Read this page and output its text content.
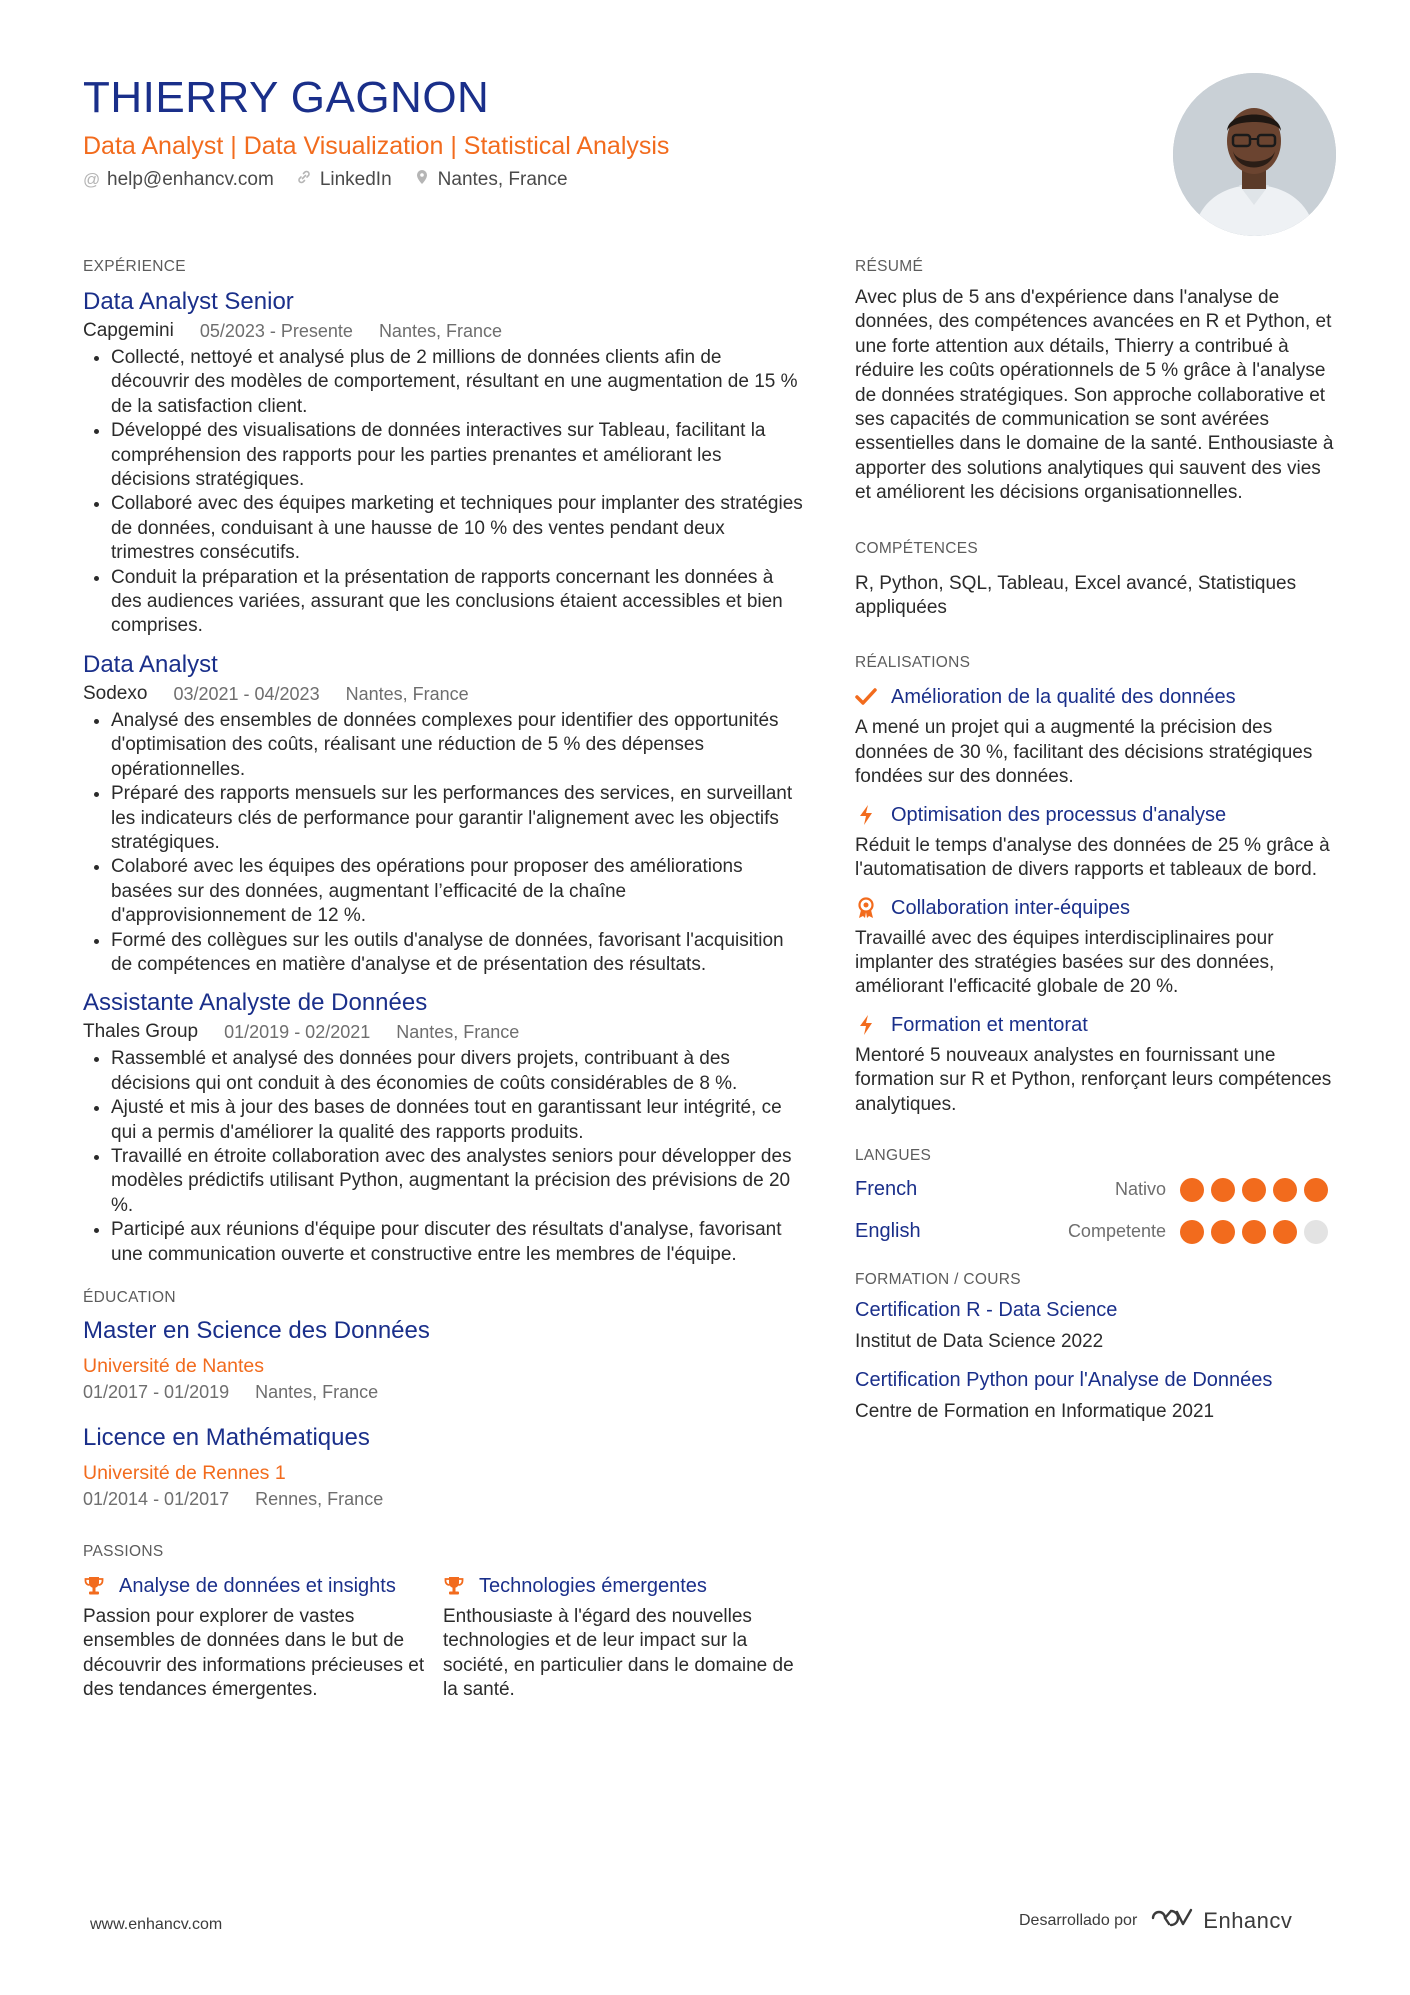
THIERRY GAGNON
Data Analyst | Data Visualization | Statistical Analysis
@ help@enhancv.com LinkedIn Nantes, France
EXPÉRIENCE
Data Analyst Senior
Capgemini 05/2023 - Presente Nantes, France
• Collecté, nettoyé et analysé plus de 2 millions de données clients afin de découvrir des modèles de comportement, résultant en une augmentation de 15 % de la satisfaction client.
• Développé des visualisations de données interactives sur Tableau, facilitant la compréhension des rapports pour les parties prenantes et améliorant les décisions stratégiques.
• Collaboré avec des équipes marketing et techniques pour implanter des stratégies de données, conduisant à une hausse de 10 % des ventes pendant deux trimestres consécutifs.
• Conduit la préparation et la présentation de rapports concernant les données à des audiences variées, assurant que les conclusions étaient accessibles et bien comprises.
Data Analyst
Sodexo 03/2021 - 04/2023 Nantes, France
• Analysé des ensembles de données complexes pour identifier des opportunités d'optimisation des coûts, réalisant une réduction de 5 % des dépenses opérationnelles.
• Préparé des rapports mensuels sur les performances des services, en surveillant les indicateurs clés de performance pour garantir l'alignement avec les objectifs stratégiques.
• Colaboré avec les équipes des opérations pour proposer des améliorations basées sur des données, augmentant l’efficacité de la chaîne d'approvisionnement de 12 %.
• Formé des collègues sur les outils d'analyse de données, favorisant l'acquisition de compétences en matière d'analyse et de présentation des résultats.
Assistante Analyste de Données
Thales Group 01/2019 - 02/2021 Nantes, France
• Rassemblé et analysé des données pour divers projets, contribuant à des décisions qui ont conduit à des économies de coûts considérables de 8 %.
• Ajusté et mis à jour des bases de données tout en garantissant leur intégrité, ce qui a permis d'améliorer la qualité des rapports produits.
• Travaillé en étroite collaboration avec des analystes seniors pour développer des modèles prédictifs utilisant Python, augmentant la précision des prévisions de 20 %.
• Participé aux réunions d'équipe pour discuter des résultats d'analyse, favorisant une communication ouverte et constructive entre les membres de l'équipe.
ÉDUCATION
Master en Science des Données
Université de Nantes
01/2017 - 01/2019 Nantes, France
Licence en Mathématiques
Université de Rennes 1
01/2014 - 01/2017 Rennes, France
PASSIONS
Analyse de données et insights
Passion pour explorer de vastes ensembles de données dans le but de découvrir des informations précieuses et des tendances émergentes.
Technologies émergentes
Enthousiaste à l'égard des nouvelles technologies et de leur impact sur la société, en particulier dans le domaine de la santé.
RÉSUMÉ
Avec plus de 5 ans d'expérience dans l'analyse de données, des compétences avancées en R et Python, et une forte attention aux détails, Thierry a contribué à réduire les coûts opérationnels de 5 % grâce à l'analyse de données stratégiques. Son approche collaborative et ses capacités de communication se sont avérées essentielles dans le domaine de la santé. Enthousiaste à apporter des solutions analytiques qui sauvent des vies et améliorent les décisions organisationnelles.
COMPÉTENCES
R, Python, SQL, Tableau, Excel avancé, Statistiques appliquées
RÉALISATIONS
Amélioration de la qualité des données
A mené un projet qui a augmenté la précision des données de 30 %, facilitant des décisions stratégiques fondées sur des données.
Optimisation des processus d'analyse
Réduit le temps d'analyse des données de 25 % grâce à l'automatisation de divers rapports et tableaux de bord.
Collaboration inter-équipes
Travaillé avec des équipes interdisciplinaires pour implanter des stratégies basées sur des données, améliorant l'efficacité globale de 20 %.
Formation et mentorat
Mentoré 5 nouveaux analystes en fournissant une formation sur R et Python, renforçant leurs compétences analytiques.
LANGUES
French	Nativo
English	Competente
FORMATION / COURS
Certification R - Data Science
Institut de Data Science 2022
Certification Python pour l'Analyse de Données
Centre de Formation en Informatique 2021
www.enhancv.com	Desarrollado por	Enhancv
